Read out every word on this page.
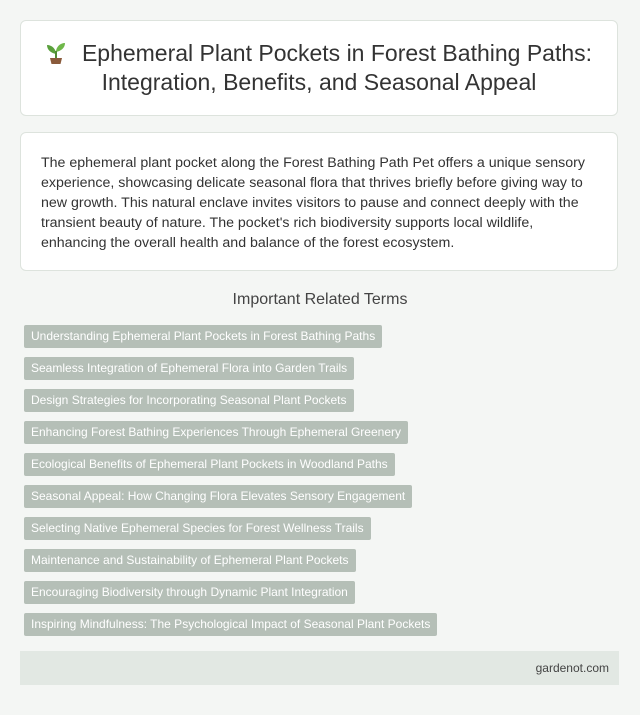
Ephemeral Plant Pockets in Forest Bathing Paths: Integration, Benefits, and Seasonal Appeal

The ephemeral plant pocket along the Forest Bathing Path Pet offers a unique sensory experience, showcasing delicate seasonal flora that thrives briefly before giving way to new growth. This natural enclave invites visitors to pause and connect deeply with the transient beauty of nature. The pocket's rich biodiversity supports local wildlife, enhancing the overall health and balance of the forest ecosystem.

Important Related Terms
Understanding Ephemeral Plant Pockets in Forest Bathing Paths
Seamless Integration of Ephemeral Flora into Garden Trails
Design Strategies for Incorporating Seasonal Plant Pockets
Enhancing Forest Bathing Experiences Through Ephemeral Greenery
Ecological Benefits of Ephemeral Plant Pockets in Woodland Paths
Seasonal Appeal: How Changing Flora Elevates Sensory Engagement
Selecting Native Ephemeral Species for Forest Wellness Trails
Maintenance and Sustainability of Ephemeral Plant Pockets
Encouraging Biodiversity through Dynamic Plant Integration
Inspiring Mindfulness: The Psychological Impact of Seasonal Plant Pockets
gardenot.com
